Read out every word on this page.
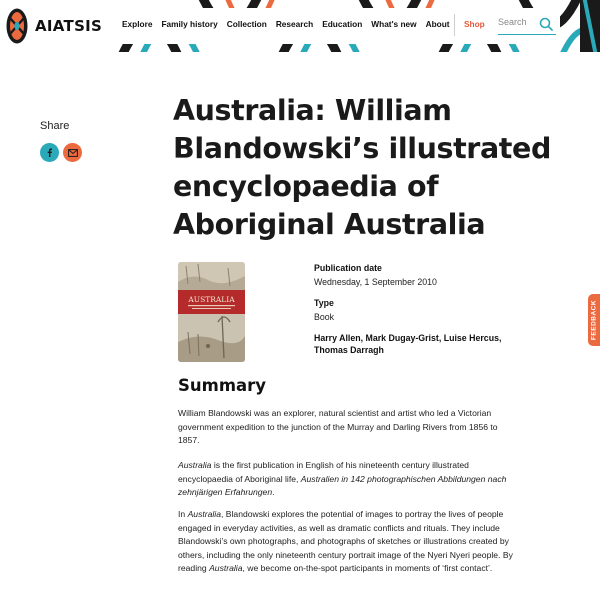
AIATSIS Explore Family history Collection Research Education What's new About Shop
Search
Share	Australia: William Blandowski’s illustrated encyclopaedia of Aboriginal Australia
AUSTRALIA
Publication date
Wednesday, 1 September 2010
Type
Book
Harry Allen, Mark Dugay-Grist, Luise Hercus, Thomas Darragh
Summary

William Blandowski was an explorer, natural scientist and artist who led a Victorian government expedition to the junction of the Murray and Darling Rivers from 1856 to 1857.

Australia is the first publication in English of his nineteenth century illustrated encyclopaedia of Aboriginal life, Australien in 142 photographischen Abbildungen nach zehnjärigen Erfahrungen.

In Australia, Blandowski explores the potential of images to portray the lives of people engaged in everyday activities, as well as dramatic conflicts and rituals. They include Blandowski’s own photographs, and photographs of sketches or illustrations created by others, including the only nineteenth century portrait image of the Nyeri Nyeri people. By reading Australia, we become on-the-spot participants in moments of ‘first contact’.

FEEDBACK
